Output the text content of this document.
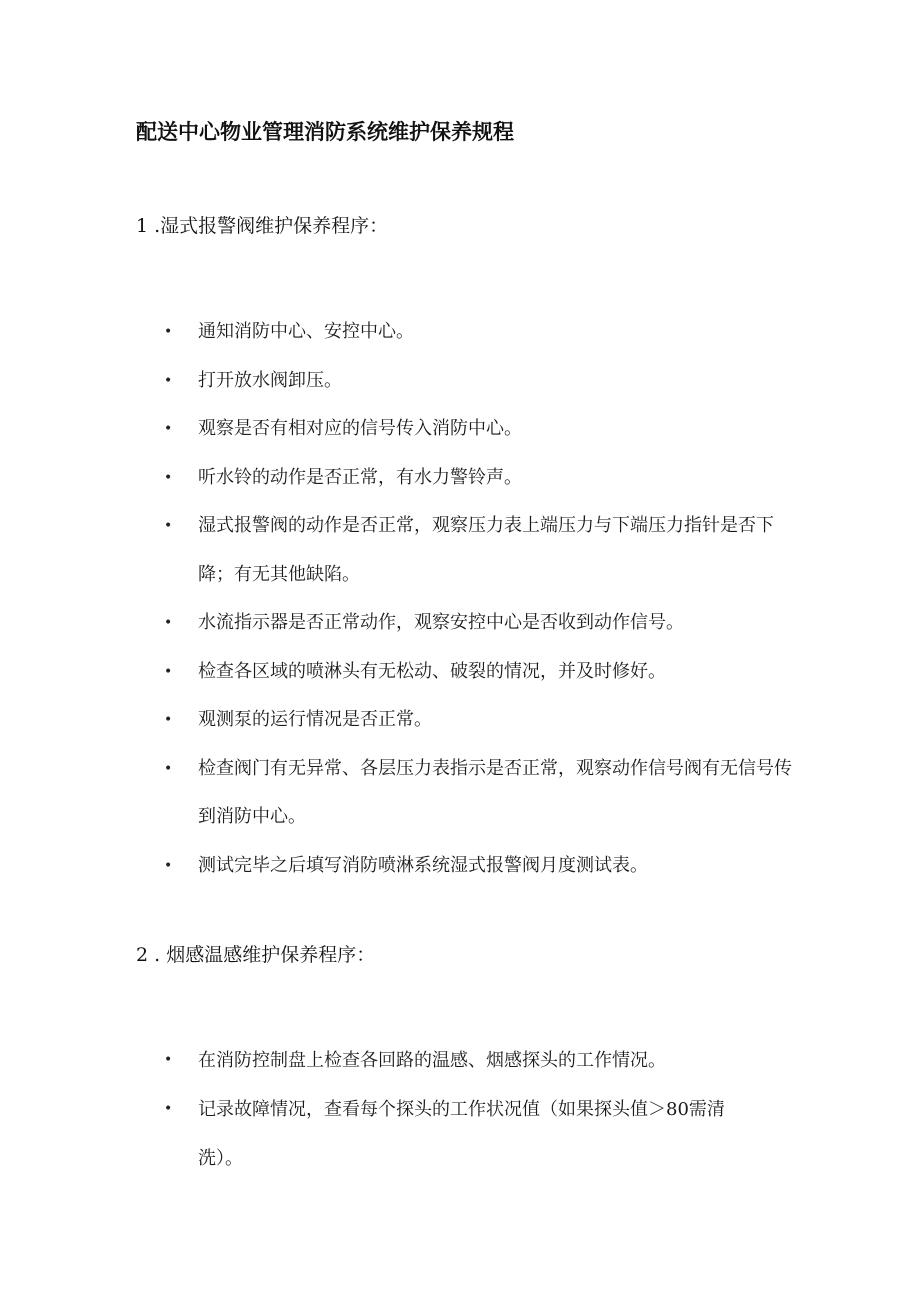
配送中心物业管理消防系统维护保养规程
1 .湿式报警阀维护保养程序：
• 通知消防中心、安控中心。
• 打开放水阀卸压。
• 观察是否有相对应的信号传入消防中心。
• 听水铃的动作是否正常，有水力警铃声。
• 湿式报警阀的动作是否正常，观察压力表上端压力与下端压力指针是否下降；有无其他缺陷。
• 水流指示器是否正常动作，观察安控中心是否收到动作信号。
• 检查各区域的喷淋头有无松动、破裂的情况，并及时修好。
• 观测泵的运行情况是否正常。
• 检查阀门有无异常、各层压力表指示是否正常，观察动作信号阀有无信号传到消防中心。
• 测试完毕之后填写消防喷淋系统湿式报警阀月度测试表。
2 . 烟感温感维护保养程序：
• 在消防控制盘上检查各回路的温感、烟感探头的工作情况。
• 记录故障情况，查看每个探头的工作状况值（如果探头值＞80需清洗）。
